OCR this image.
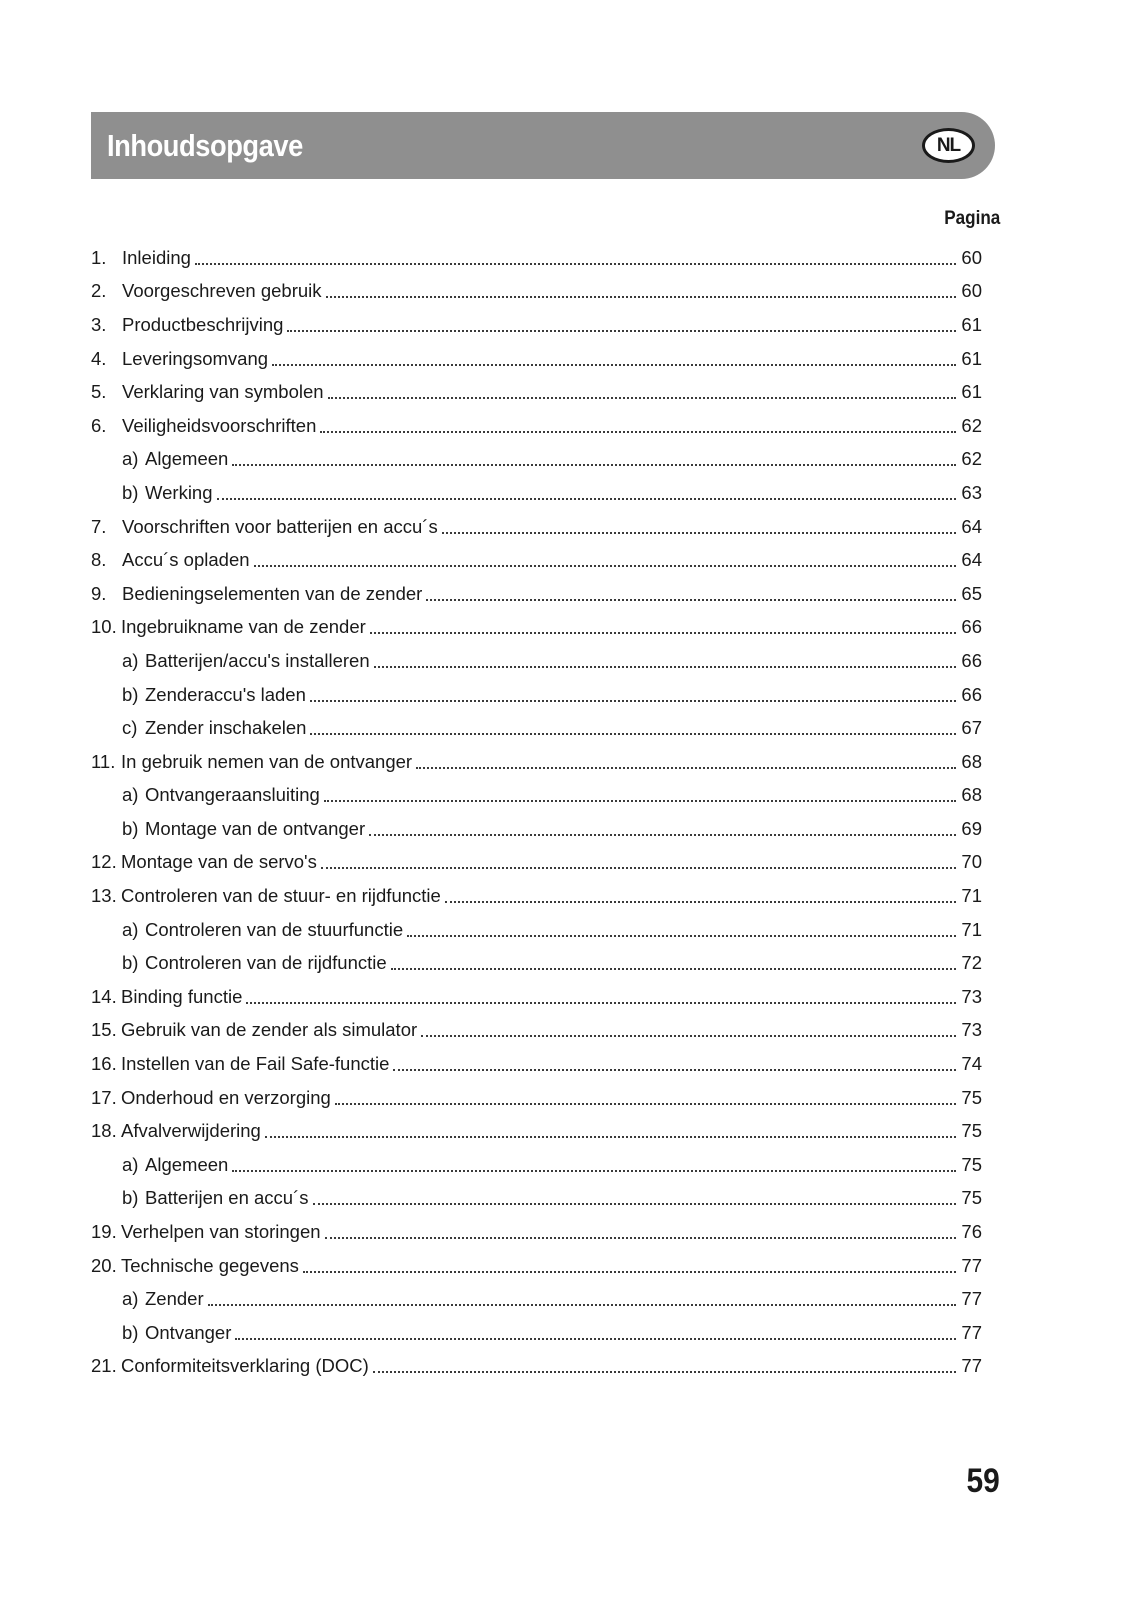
Inhoudsopgave	NL
Pagina
1. Inleiding	60
2. Voorgeschreven gebruik	60
3. Productbeschrijving	61
4. Leveringsomvang	61
5. Verklaring van symbolen	61
6. Veiligheidsvoorschriften	62
a) Algemeen	62
b) Werking	63
7. Voorschriften voor batterijen en accu´s	64
8. Accu´s opladen	64
9. Bedieningselementen van de zender	65
10. Ingebruikname van de zender	66
a) Batterijen/accu's installeren	66
b) Zenderaccu's laden	66
c) Zender inschakelen	67
11. In gebruik nemen van de ontvanger	68
a) Ontvangeraansluiting	68
b) Montage van de ontvanger	69
12. Montage van de servo's	70
13. Controleren van de stuur- en rijdfunctie	71
a) Controleren van de stuurfunctie	71
b) Controleren van de rijdfunctie	72
14. Binding functie	73
15. Gebruik van de zender als simulator	73
16. Instellen van de Fail Safe-functie	74
17. Onderhoud en verzorging	75
18. Afvalverwijdering	75
a) Algemeen	75
b) Batterijen en accu´s	75
19. Verhelpen van storingen	76
20. Technische gegevens	77
a) Zender	77
b) Ontvanger	77
21. Conformiteitsverklaring (DOC)	77
59
